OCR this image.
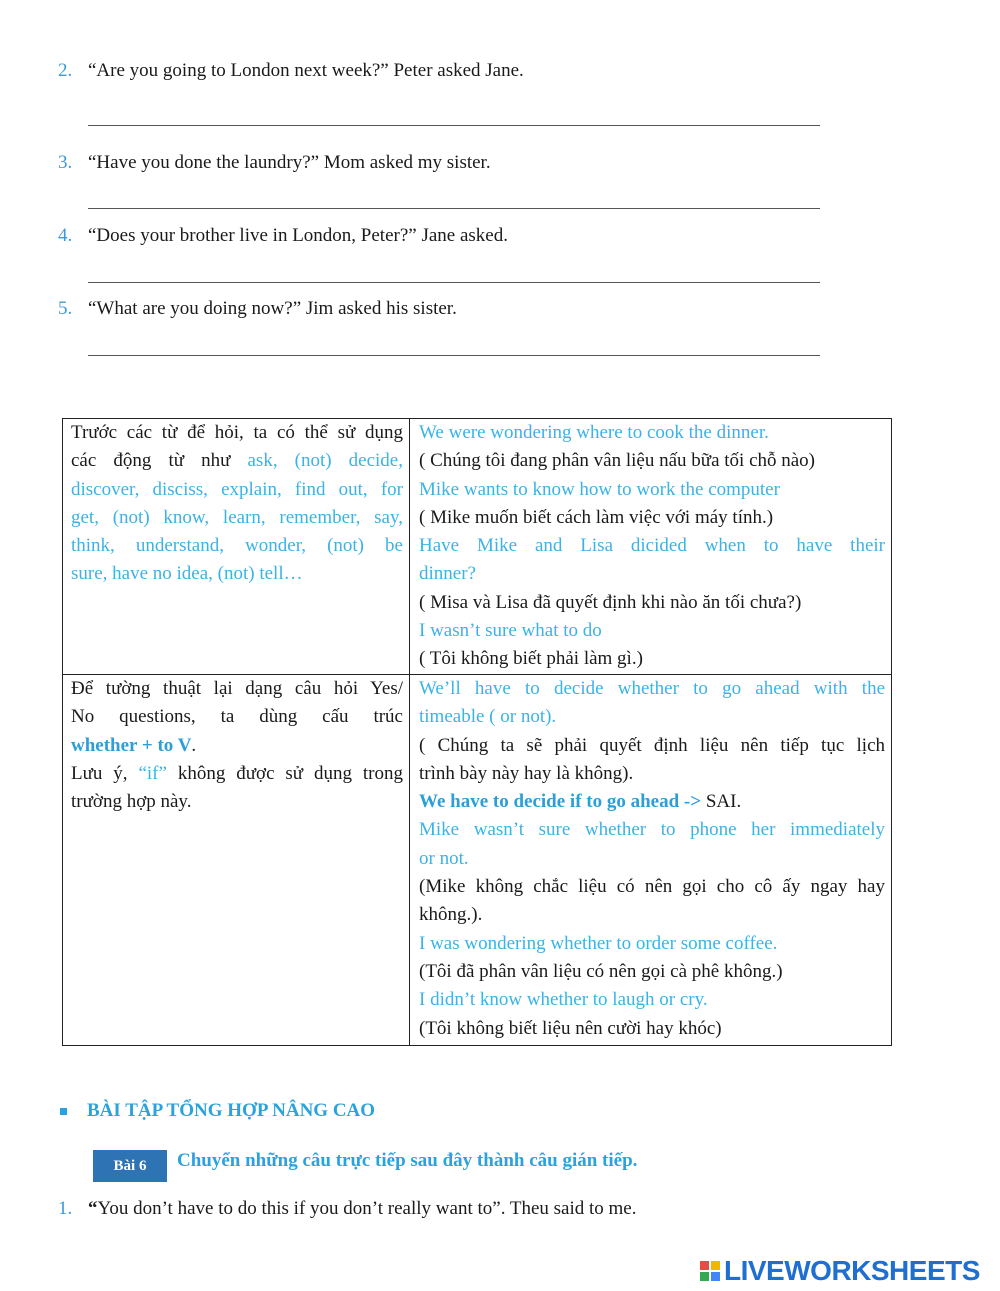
2. “Are you going to London next week?” Peter asked Jane.
3. “Have you done the laundry?” Mom asked my sister.
4. “Does your brother live in London, Peter?” Jane asked.
5. “What are you doing now?” Jim asked his sister.
Trước các từ để hỏi, ta có thể sử dụng
các động từ như ask, (not) decide,
discover, disciss, explain, find out, for
get, (not) know, learn, remember, say,
think, understand, wonder, (not) be
sure, have no idea, (not) tell…
We were wondering where to cook the dinner.
( Chúng tôi đang phân vân liệu nấu bữa tối chỗ nào)
Mike wants to know how to work the computer
( Mike muốn biết cách làm việc với máy tính.)
Have Mike and Lisa dicided when to have their
dinner?
( Misa và Lisa đã quyết định khi nào ăn tối chưa?)
I wasn’t sure what to do
( Tôi không biết phải làm gì.)
Để tường thuật lại dạng câu hỏi Yes/
No questions, ta dùng cấu trúc
whether + to V.
Lưu ý, “if” không được sử dụng trong
trường hợp này.
We’ll have to decide whether to go ahead with the
timeable ( or not).
( Chúng ta sẽ phải quyết định liệu nên tiếp tục lịch
trình bày này hay là không).
We have to decide if to go ahead -> SAI.
Mike wasn’t sure whether to phone her immediately
or not.
(Mike không chắc liệu có nên gọi cho cô ấy ngay hay
không.).
I was wondering whether to order some coffee.
(Tôi đã phân vân liệu có nên gọi cà phê không.)
I didn’t know whether to laugh or cry.
(Tôi không biết liệu nên cười hay khóc)
BÀI TẬP TỔNG HỢP NÂNG CAO
Bài 6	Chuyển những câu trực tiếp sau đây thành câu gián tiếp.
1. “You don’t have to do this if you don’t really want to”. Theu said to me.
LIVEWORKSHEETS
